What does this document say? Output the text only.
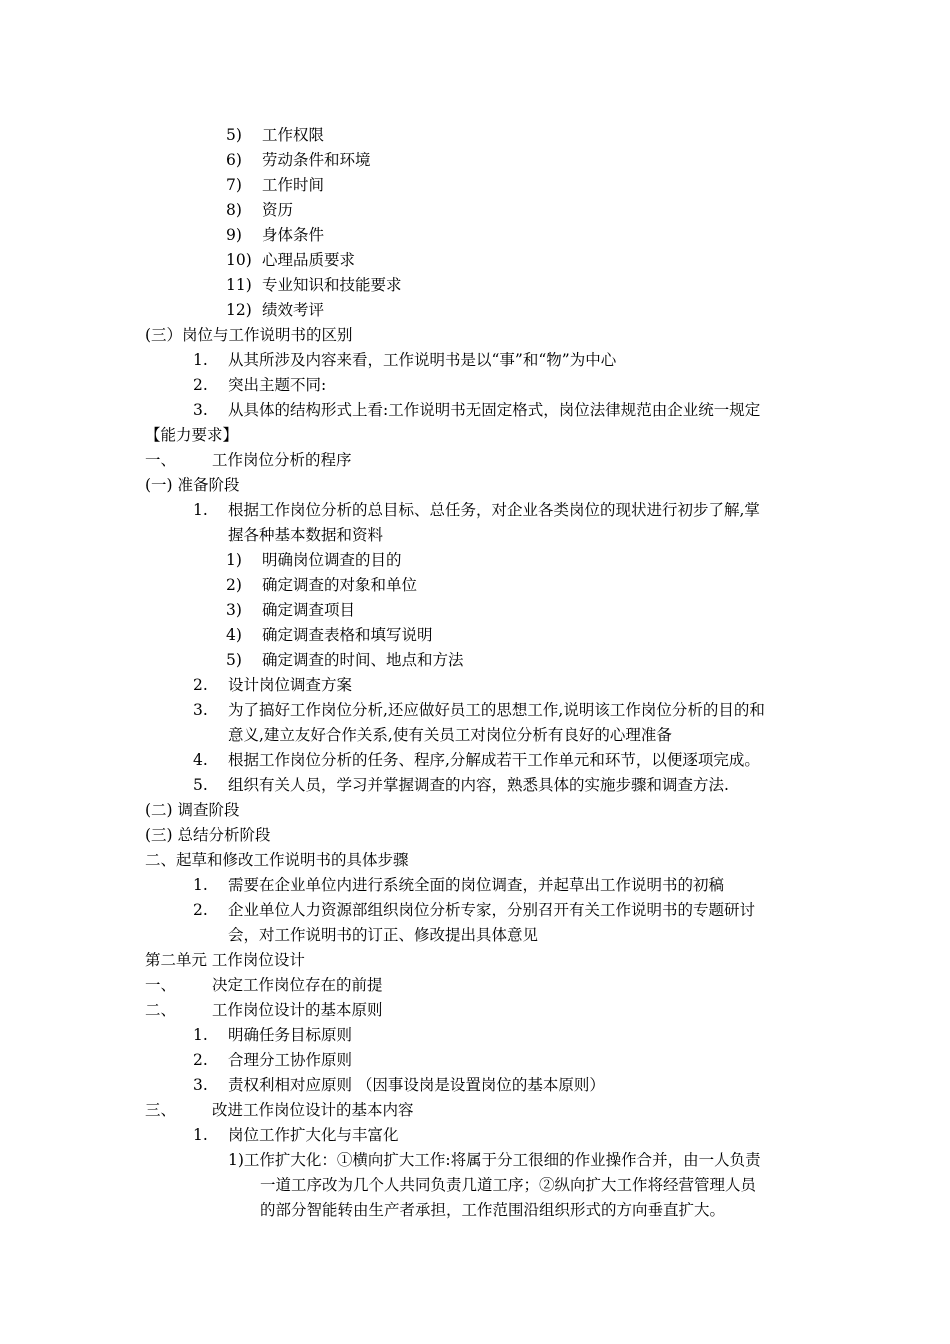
5) 工作权限
6) 劳动条件和环境
7) 工作时间
8) 资历
9) 身体条件
10) 心理品质要求
11) 专业知识和技能要求
12) 绩效考评
(三）岗位与工作说明书的区别
1. 从其所涉及内容来看，工作说明书是以“事”和“物”为中心
2. 突出主题不同:
3. 从具体的结构形式上看:工作说明书无固定格式，岗位法律规范由企业统一规定
【能力要求】
一、 工作岗位分析的程序
(一) 准备阶段
1. 根据工作岗位分析的总目标、总任务，对企业各类岗位的现状进行初步了解,掌
握各种基本数据和资料
1) 明确岗位调查的目的
2) 确定调查的对象和单位
3) 确定调查项目
4) 确定调查表格和填写说明
5) 确定调查的时间、地点和方法
2. 设计岗位调查方案
3. 为了搞好工作岗位分析,还应做好员工的思想工作,说明该工作岗位分析的目的和
意义,建立友好合作关系,使有关员工对岗位分析有良好的心理准备
4. 根据工作岗位分析的任务、程序,分解成若干工作单元和环节，以便逐项完成。
5. 组织有关人员，学习并掌握调查的内容，熟悉具体的实施步骤和调查方法.
(二) 调查阶段
(三) 总结分析阶段
二、起草和修改工作说明书的具体步骤
1. 需要在企业单位内进行系统全面的岗位调查，并起草出工作说明书的初稿
2. 企业单位人力资源部组织岗位分析专家，分别召开有关工作说明书的专题研讨
会，对工作说明书的订正、修改提出具体意见
第二单元 工作岗位设计
一、 决定工作岗位存在的前提
二、 工作岗位设计的基本原则
1. 明确任务目标原则
2. 合理分工协作原则
3. 责权利相对应原则 （因事设岗是设置岗位的基本原则）
三、 改进工作岗位设计的基本内容
1. 岗位工作扩大化与丰富化
1)工作扩大化：①横向扩大工作:将属于分工很细的作业操作合并，由一人负责
一道工序改为几个人共同负责几道工序；②纵向扩大工作将经营管理人员
的部分智能转由生产者承担，工作范围沿组织形式的方向垂直扩大。
